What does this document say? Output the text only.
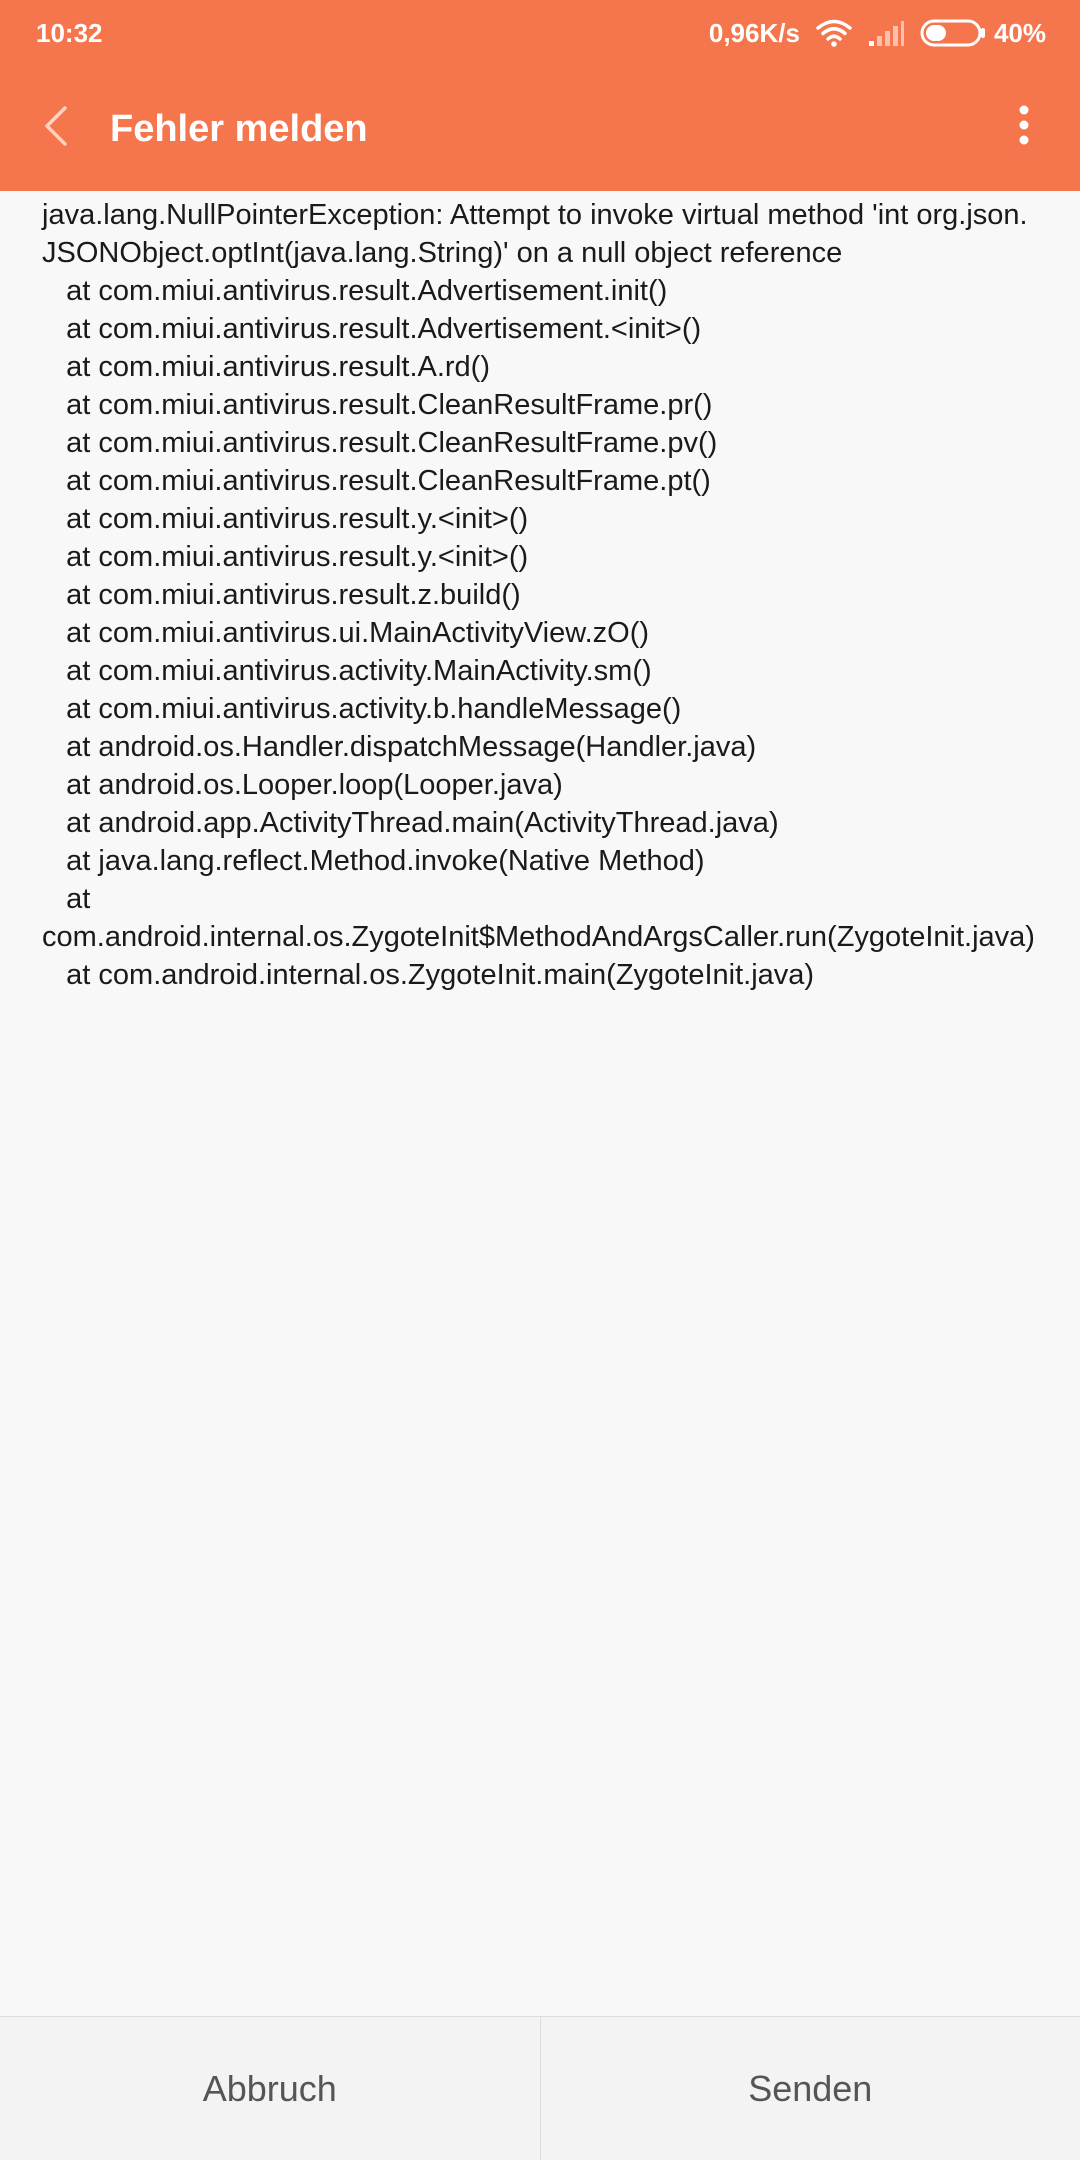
10:32	0,96K/s	40%
Fehler melden
java.lang.NullPointerException: Attempt to invoke virtual method 'int org.json.JSONObject.optInt(java.lang.String)' on a null object reference
at com.miui.antivirus.result.Advertisement.init()
at com.miui.antivirus.result.Advertisement.<init>()
at com.miui.antivirus.result.A.rd()
at com.miui.antivirus.result.CleanResultFrame.pr()
at com.miui.antivirus.result.CleanResultFrame.pv()
at com.miui.antivirus.result.CleanResultFrame.pt()
at com.miui.antivirus.result.y.<init>()
at com.miui.antivirus.result.y.<init>()
at com.miui.antivirus.result.z.build()
at com.miui.antivirus.ui.MainActivityView.zO()
at com.miui.antivirus.activity.MainActivity.sm()
at com.miui.antivirus.activity.b.handleMessage()
at android.os.Handler.dispatchMessage(Handler.java)
at android.os.Looper.loop(Looper.java)
at android.app.ActivityThread.main(ActivityThread.java)
at java.lang.reflect.Method.invoke(Native Method)
at
com.android.internal.os.ZygoteInit$MethodAndArgsCaller.run(ZygoteInit.java)
at com.android.internal.os.ZygoteInit.main(ZygoteInit.java)
Abbruch	Senden
